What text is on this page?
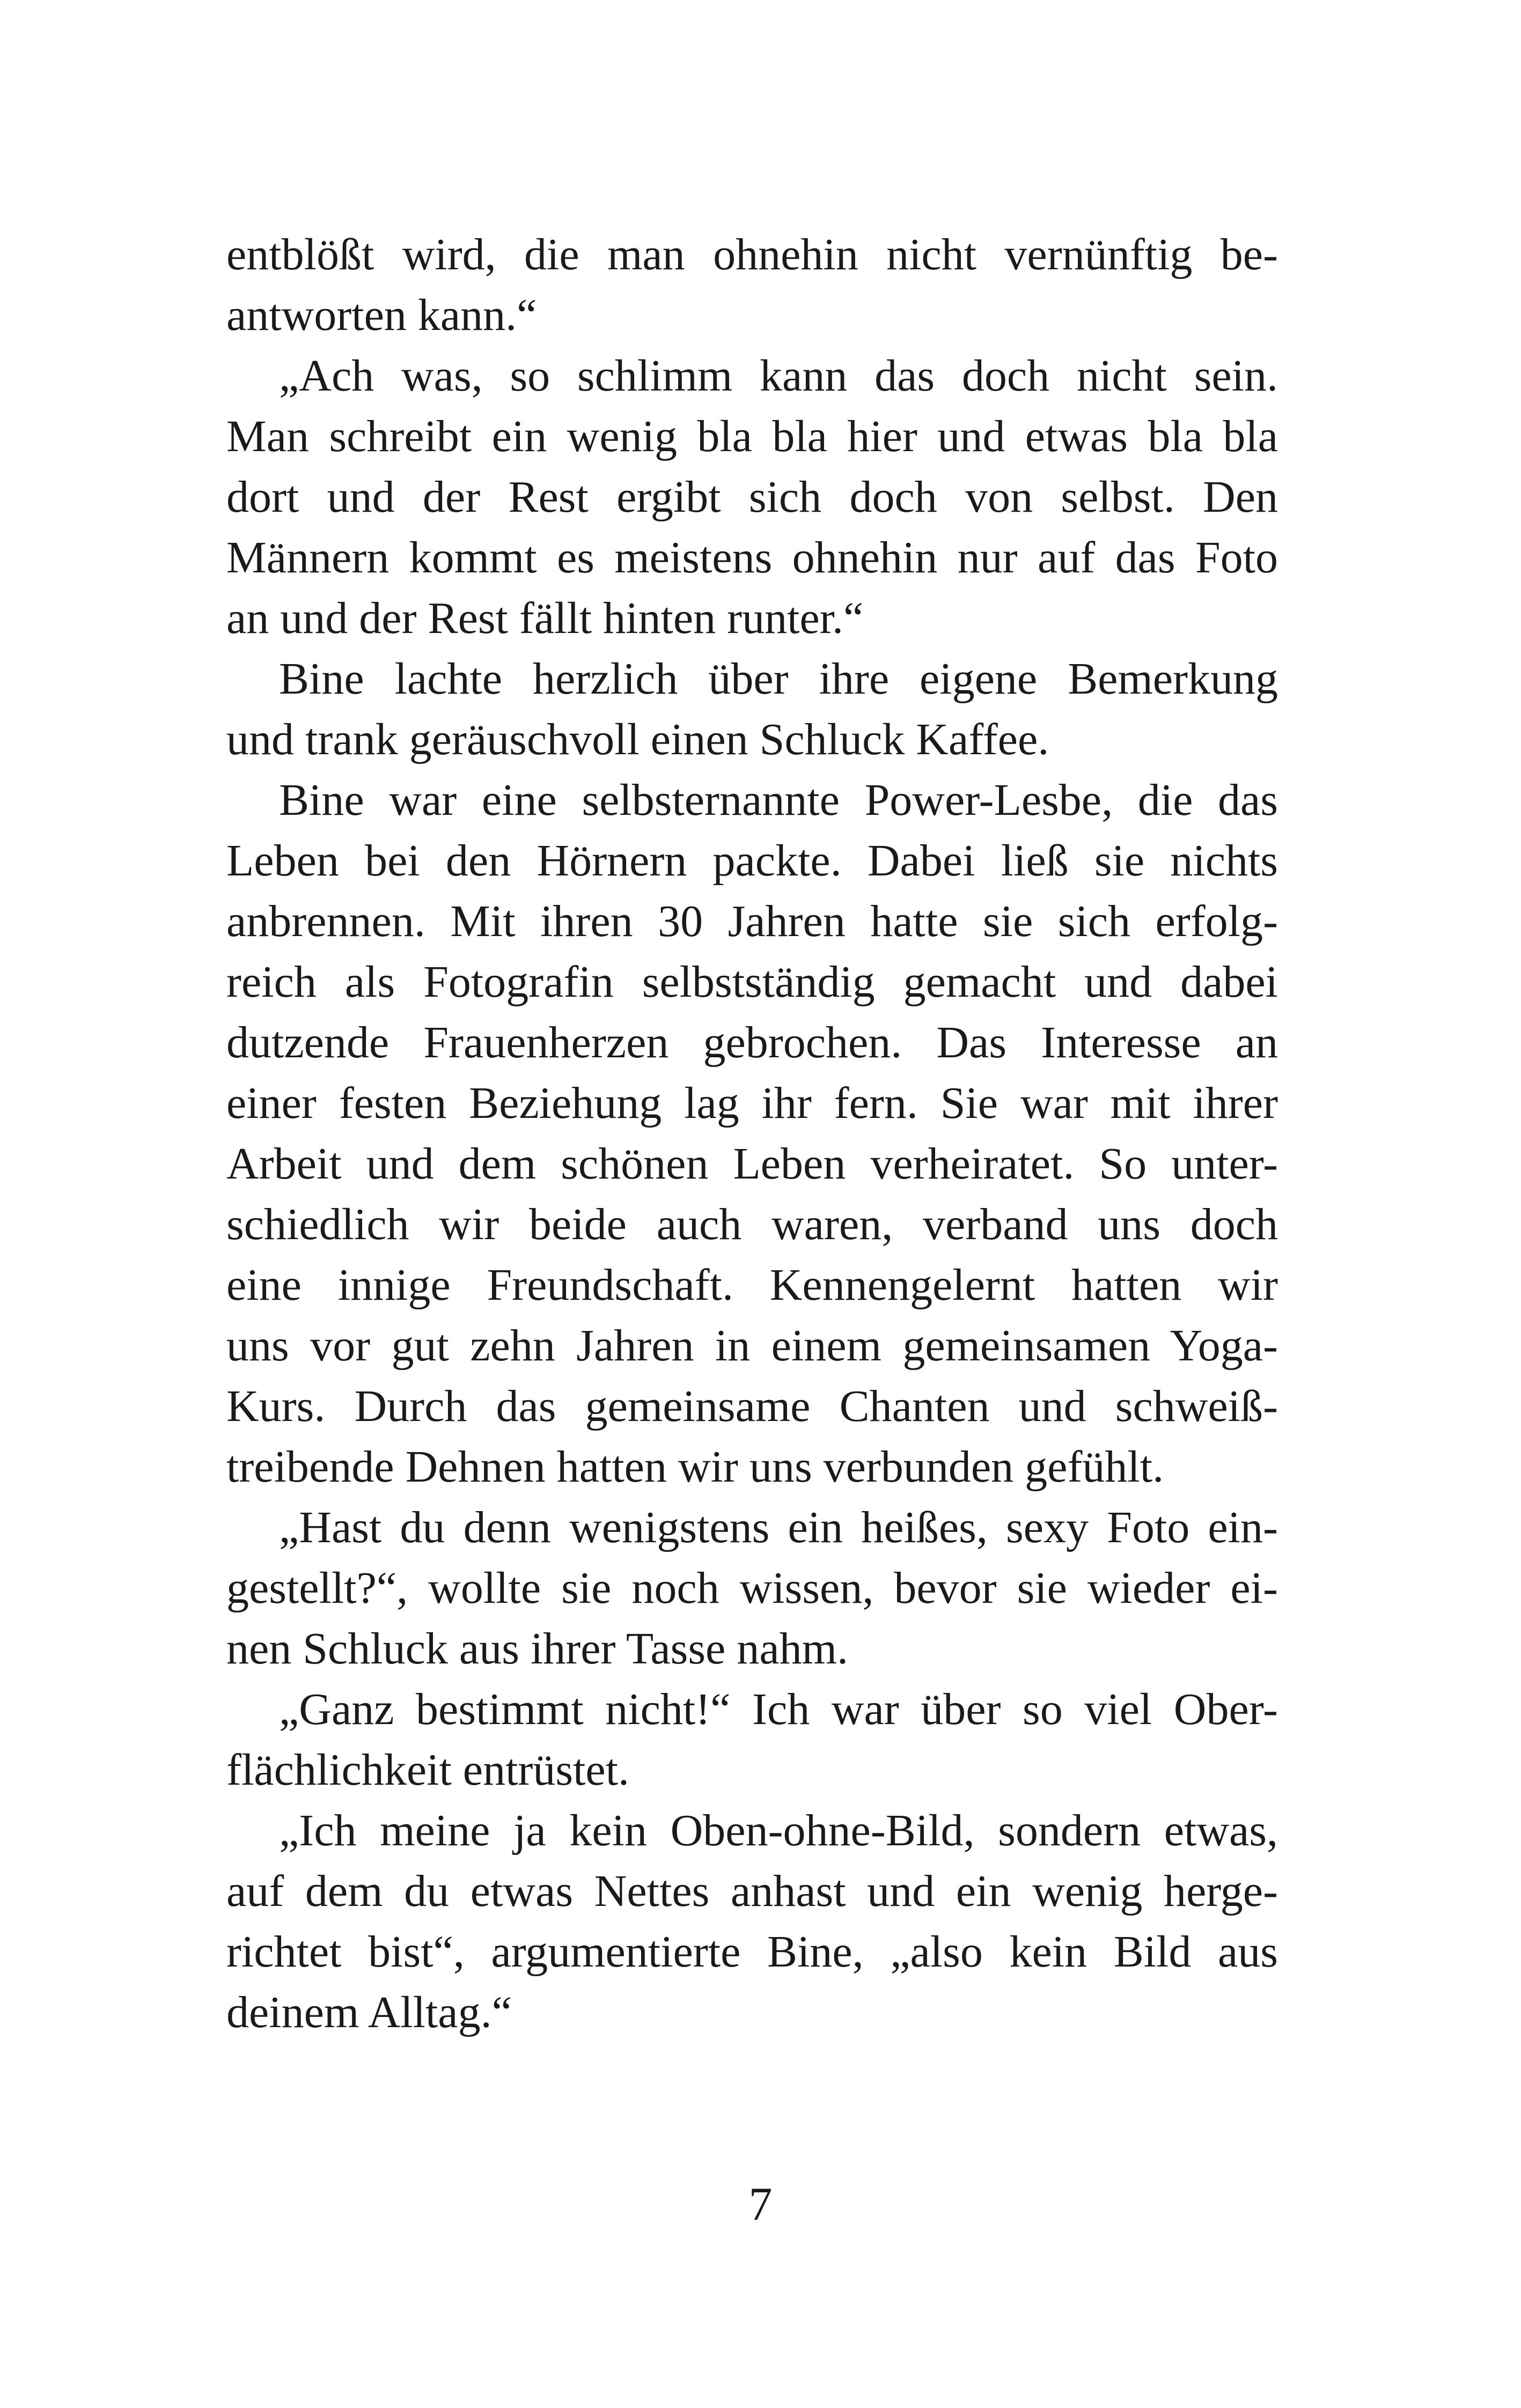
entblößt wird, die man ohnehin nicht vernünftig be-
antworten kann.“
„Ach was, so schlimm kann das doch nicht sein.
Man schreibt ein wenig bla bla hier und etwas bla bla
dort und der Rest ergibt sich doch von selbst. Den
Männern kommt es meistens ohnehin nur auf das Foto
an und der Rest fällt hinten runter.“
Bine lachte herzlich über ihre eigene Bemerkung
und trank geräuschvoll einen Schluck Kaffee.
Bine war eine selbsternannte Power-Lesbe, die das
Leben bei den Hörnern packte. Dabei ließ sie nichts
anbrennen. Mit ihren 30 Jahren hatte sie sich erfolg-
reich als Fotografin selbstständig gemacht und dabei
dutzende Frauenherzen gebrochen. Das Interesse an
einer festen Beziehung lag ihr fern. Sie war mit ihrer
Arbeit und dem schönen Leben verheiratet. So unter-
schiedlich wir beide auch waren, verband uns doch
eine innige Freundschaft. Kennengelernt hatten wir
uns vor gut zehn Jahren in einem gemeinsamen Yoga-
Kurs. Durch das gemeinsame Chanten und schweiß-
treibende Dehnen hatten wir uns verbunden gefühlt.
„Hast du denn wenigstens ein heißes, sexy Foto ein-
gestellt?“, wollte sie noch wissen, bevor sie wieder ei-
nen Schluck aus ihrer Tasse nahm.
„Ganz bestimmt nicht!“ Ich war über so viel Ober-
flächlichkeit entrüstet.
„Ich meine ja kein Oben-ohne-Bild, sondern etwas,
auf dem du etwas Nettes anhast und ein wenig herge-
richtet bist“, argumentierte Bine, „also kein Bild aus
deinem Alltag.“
7
